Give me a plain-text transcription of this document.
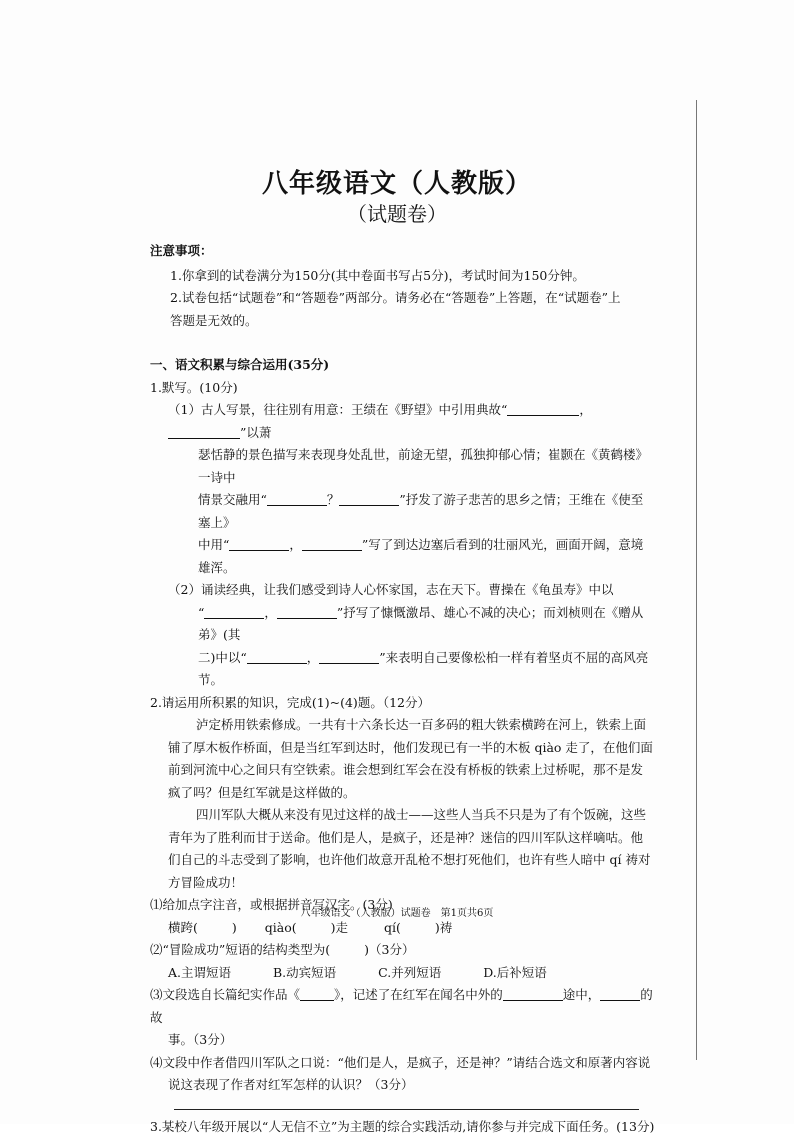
八年级语文（人教版）
（试题卷）
注意事项：
1.你拿到的试卷满分为150分(其中卷面书写占5分)，考试时间为150分钟。
2.试卷包括“试题卷”和“答题卷”两部分。请务必在“答题卷”上答题，在“试题卷”上
答题是无效的。
一、语文积累与综合运用(35分)
1.默写。(10分)
（1）古人写景，往往别有用意：王绩在《野望》中引用典故“	，”以萧
瑟恬静的景色描写来表现身处乱世，前途无望，孤独抑郁心情；崔颢在《黄鹤楼》一诗中
情景交融用“	？	”抒发了游子悲苦的思乡之情；王维在《使至塞上》
中用“	，	”写了到达边塞后看到的壮丽风光，画面开阔，意境雄浑。
（2）诵读经典，让我们感受到诗人心怀家国，志在天下。曹操在《龟虽寿》中以
“	，	”抒写了慷慨激昂、雄心不减的决心；而刘桢则在《赠从弟》(其
二)中以“	，	”来表明自己要像松柏一样有着坚贞不屈的高风亮节。
2.请运用所积累的知识，完成(1)~(4)题。（12分）
泸定桥用铁索修成。一共有十六条长达一百多码的粗大铁索横跨在河上，铁索上面铺了厚木板作桥面，但是当红军到达时，他们发现已有一半的木板 qiào 走了，在他们面前到河流中心之间只有空铁索。谁会想到红军会在没有桥板的铁索上过桥呢，那不是发疯了吗？但是红军就是这样做的。
四川军队大概从来没有见过这样的战士——这些人当兵不只是为了有个饭碗，这些青年为了胜利而甘于送命。他们是人，是疯子，还是神？迷信的四川军队这样嘀咕。他们自己的斗志受到了影响，也许他们故意开乱枪不想打死他们，也许有些人暗中 qí 祷对方冒险成功！
⑴给加点字注音，或根据拼音写汉字。(3分)
横跨(	) qiào(	)走	qí(	)祷
⑵“冒险成功”短语的结构类型为(	)（3分）
A.主谓短语	B.动宾短语	C.并列短语	D.后补短语
⑶文段选自长篇纪实作品《	》，记述了在红军在闻名中外的	途中，	的故
事。（3分）
⑷文段中作者借四川军队之口说：“他们是人，是疯子，还是神？”请结合选文和原著内容说
说这表现了作者对红军怎样的认识？（3分）
3.某校八年级开展以“人无信不立”为主题的综合实践活动,请你参与并完成下面任务。(13分)
八年级语文（人教版）试题卷　第1页共6页
